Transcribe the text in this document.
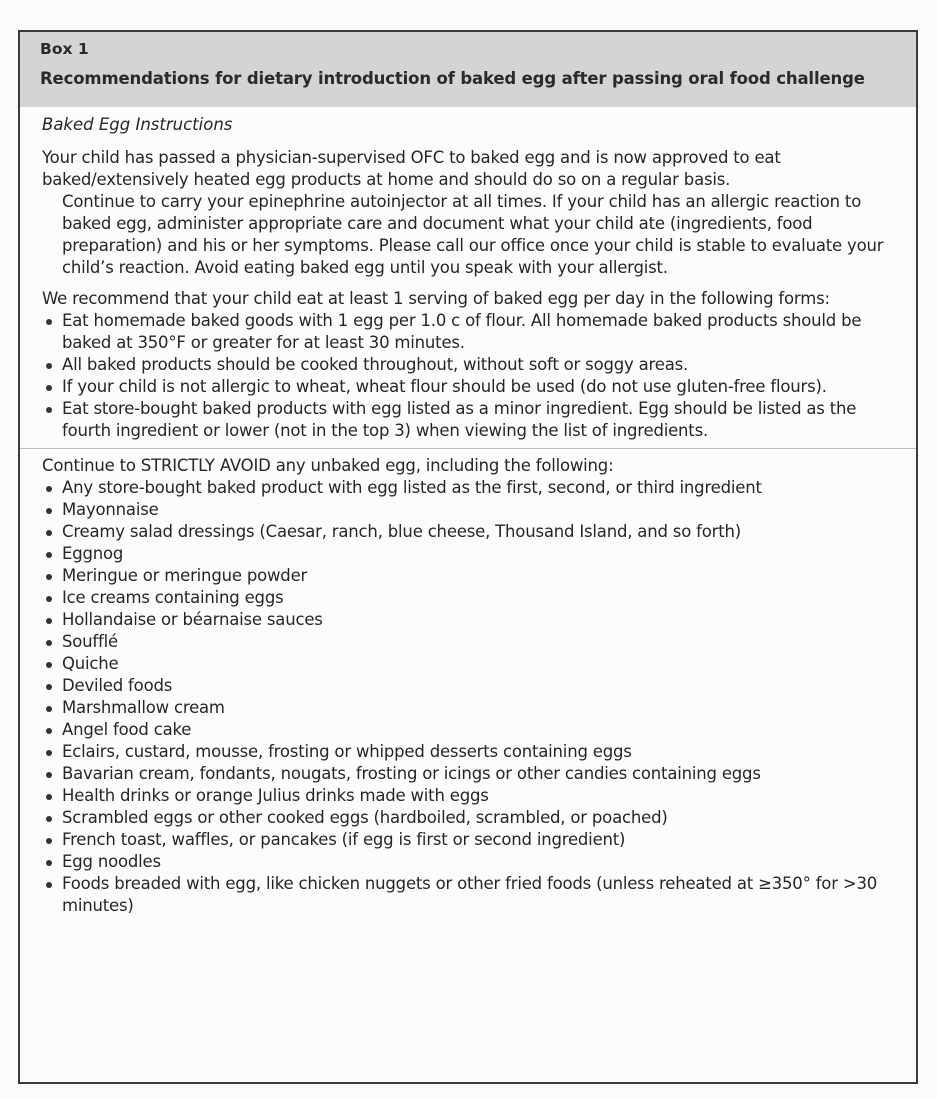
Box 1
Recommendations for dietary introduction of baked egg after passing oral food challenge
Baked Egg Instructions

Your child has passed a physician-supervised OFC to baked egg and is now approved to eat baked/extensively heated egg products at home and should do so on a regular basis.

Continue to carry your epinephrine autoinjector at all times. If your child has an allergic reaction to baked egg, administer appropriate care and document what your child ate (ingredients, food preparation) and his or her symptoms. Please call our office once your child is stable to evaluate your child’s reaction. Avoid eating baked egg until you speak with your allergist.

We recommend that your child eat at least 1 serving of baked egg per day in the following forms:

Eat homemade baked goods with 1 egg per 1.0 c of flour. All homemade baked products should be baked at 350°F or greater for at least 30 minutes.
All baked products should be cooked throughout, without soft or soggy areas.
If your child is not allergic to wheat, wheat flour should be used (do not use gluten-free flours).
Eat store-bought baked products with egg listed as a minor ingredient. Egg should be listed as the fourth ingredient or lower (not in the top 3) when viewing the list of ingredients.

Continue to STRICTLY AVOID any unbaked egg, including the following:

Any store-bought baked product with egg listed as the first, second, or third ingredient
Mayonnaise
Creamy salad dressings (Caesar, ranch, blue cheese, Thousand Island, and so forth)
Eggnog
Meringue or meringue powder
Ice creams containing eggs
Hollandaise or béarnaise sauces
Soufflé
Quiche
Deviled foods
Marshmallow cream
Angel food cake
Eclairs, custard, mousse, frosting or whipped desserts containing eggs
Bavarian cream, fondants, nougats, frosting or icings or other candies containing eggs
Health drinks or orange Julius drinks made with eggs
Scrambled eggs or other cooked eggs (hardboiled, scrambled, or poached)
French toast, waffles, or pancakes (if egg is first or second ingredient)
Egg noodles
Foods breaded with egg, like chicken nuggets or other fried foods (unless reheated at ≥350° for >30 minutes)
